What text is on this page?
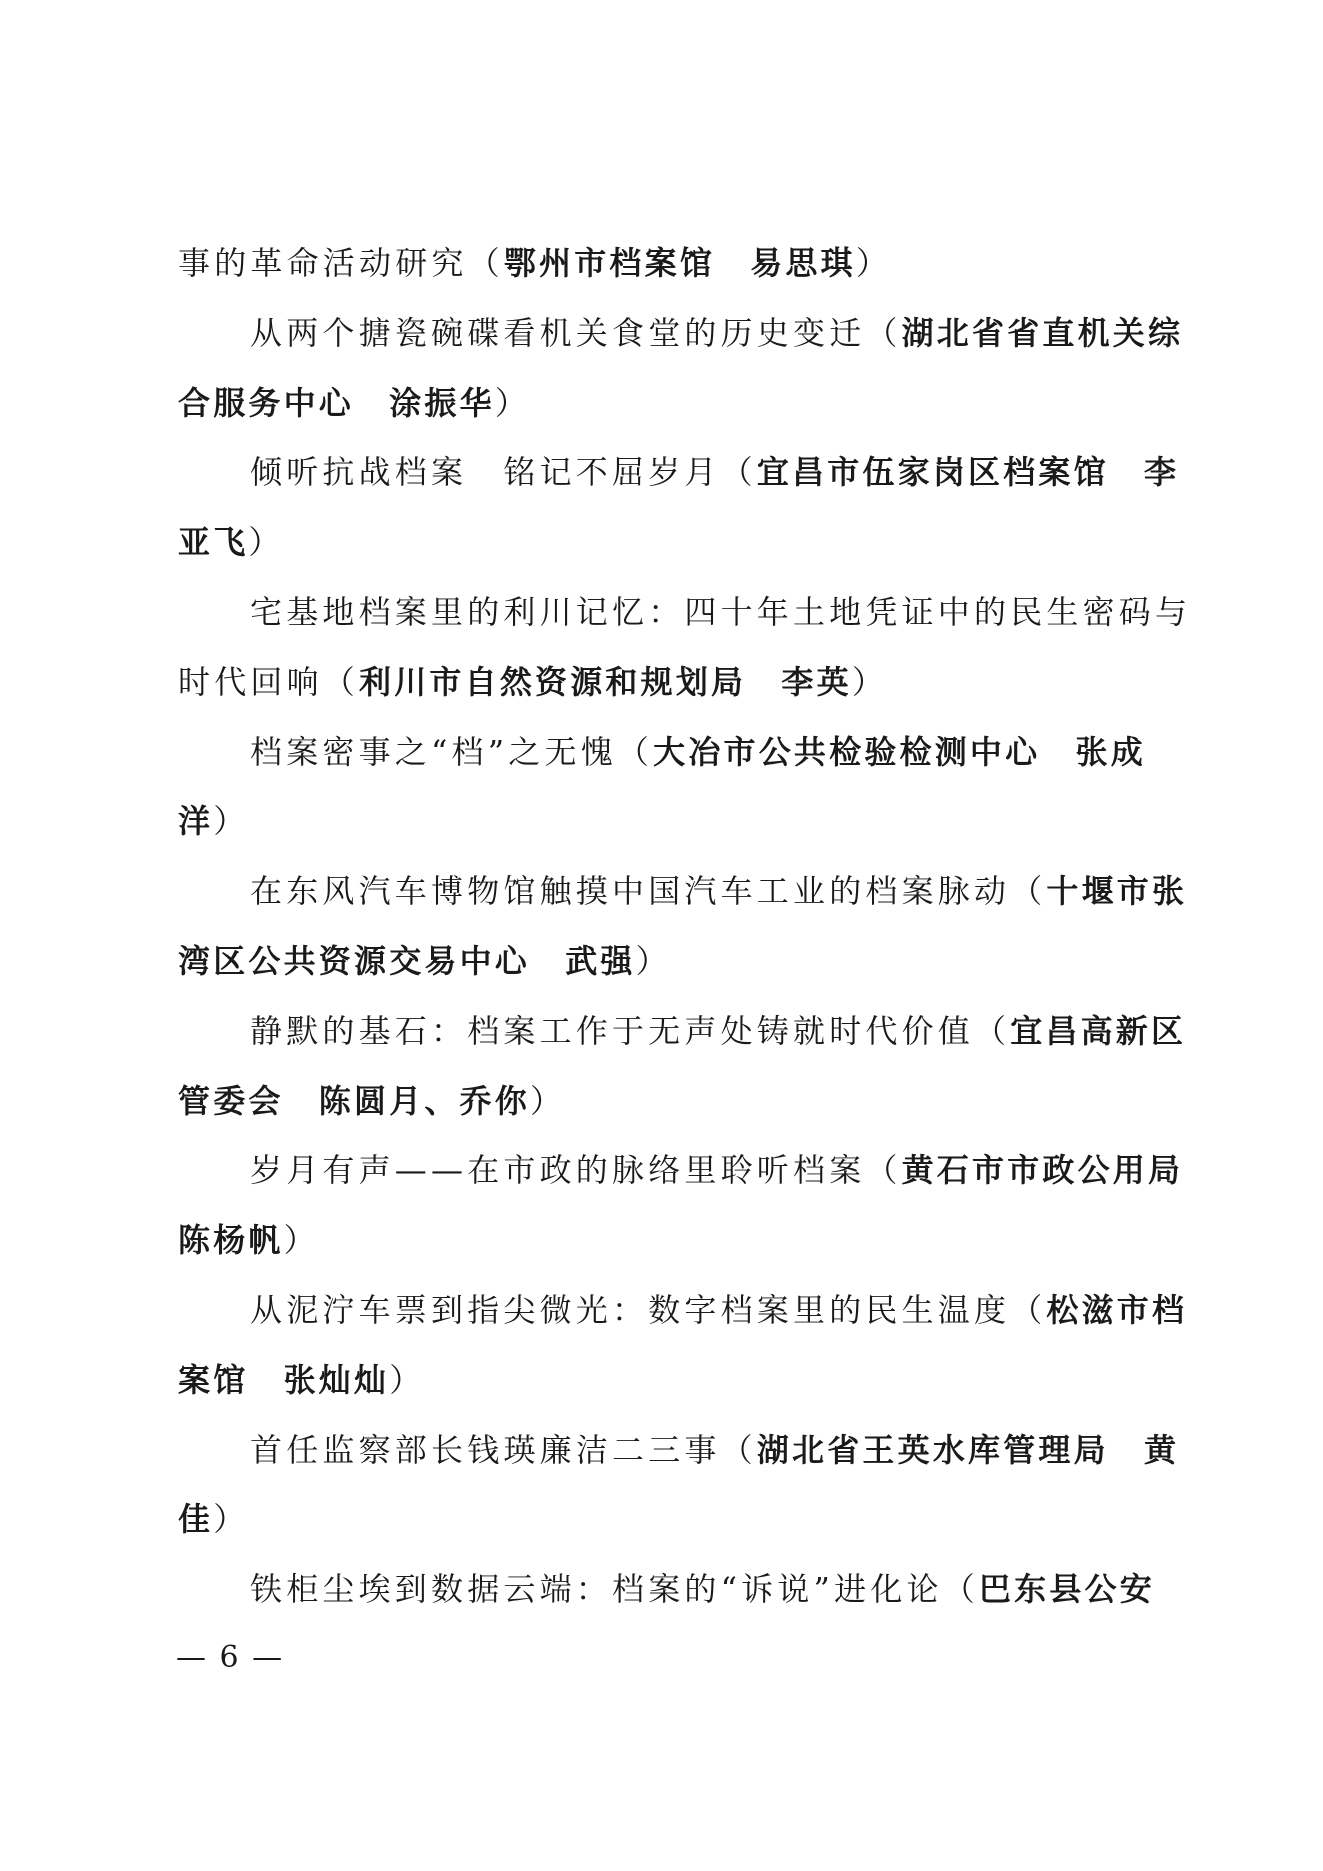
事的革命活动研究（鄂州市档案馆　易思琪）
从两个搪瓷碗碟看机关食堂的历史变迁（湖北省省直机关综
合服务中心　涂振华）
倾听抗战档案　铭记不屈岁月（宜昌市伍家岗区档案馆　李
亚飞）
宅基地档案里的利川记忆：四十年土地凭证中的民生密码与
时代回响（利川市自然资源和规划局　李英）
档案密事之“档”之无愧（大冶市公共检验检测中心　张成
洋）
在东风汽车博物馆触摸中国汽车工业的档案脉动（十堰市张
湾区公共资源交易中心　武强）
静默的基石：档案工作于无声处铸就时代价值（宜昌高新区
管委会　陈圆月、乔你）
岁月有声——在市政的脉络里聆听档案（黄石市市政公用局
陈杨帆）
从泥泞车票到指尖微光：数字档案里的民生温度（松滋市档
案馆　张灿灿）
首任监察部长钱瑛廉洁二三事（湖北省王英水库管理局　黄
佳）
铁柜尘埃到数据云端：档案的“诉说”进化论（巴东县公安
— 6 —
